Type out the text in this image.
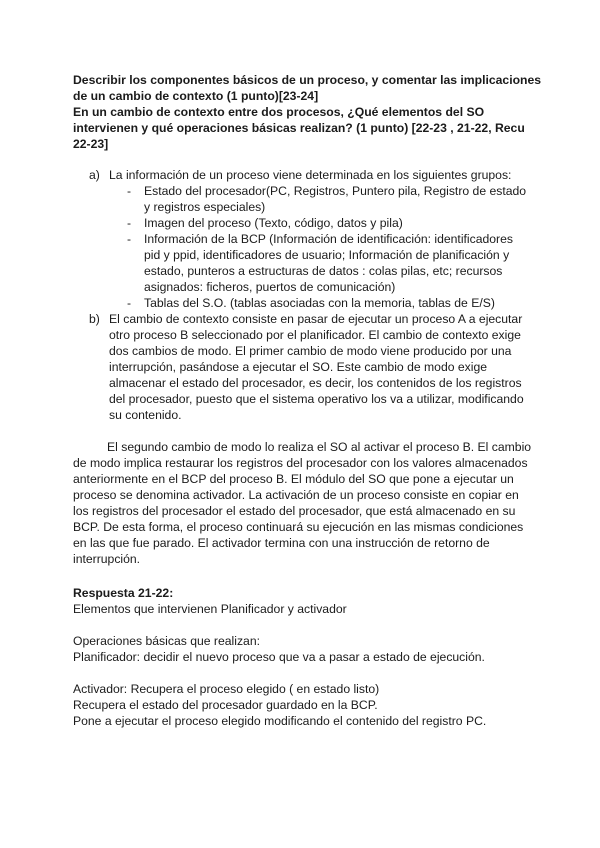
Describir los componentes básicos de un proceso, y comentar las implicaciones de un cambio de contexto (1 punto)[23-24]

En un cambio de contexto entre dos procesos, ¿Qué elementos del SO intervienen y qué operaciones básicas realizan? (1 punto) [22-23 , 21-22, Recu 22-23]

a) La información de un proceso viene determinada en los siguientes grupos:
-	Estado del procesador(PC, Registros, Puntero pila, Registro de estado y registros especiales)
-	Imagen del proceso (Texto, código, datos y pila)
-	Información de la BCP (Información de identificación: identificadores pid y ppid, identificadores de usuario; Información de planificación y estado, punteros a estructuras de datos : colas pilas, etc; recursos asignados: ficheros, puertos de comunicación)
-	Tablas del S.O. (tablas asociadas con la memoria, tablas de E/S)
b) El cambio de contexto consiste en pasar de ejecutar un proceso A a ejecutar otro proceso B seleccionado por el planificador. El cambio de contexto exige dos cambios de modo. El primer cambio de modo viene producido por una interrupción, pasándose a ejecutar el SO. Este cambio de modo exige almacenar el estado del procesador, es decir, los contenidos de los registros del procesador, puesto que el sistema operativo los va a utilizar, modificando su contenido.

El segundo cambio de modo lo realiza el SO al activar el proceso B. El cambio de modo implica restaurar los registros del procesador con los valores almacenados anteriormente en el BCP del proceso B. El módulo del SO que pone a ejecutar un proceso se denomina activador. La activación de un proceso consiste en copiar en los registros del procesador el estado del procesador, que está almacenado en su BCP. De esta forma, el proceso continuará su ejecución en las mismas condiciones en las que fue parado. El activador termina con una instrucción de retorno de interrupción.

Respuesta 21-22:

Elementos que intervienen Planificador y activador

Operaciones básicas que realizan:

Planificador: decidir el nuevo proceso que va a pasar a estado de ejecución.

Activador: Recupera el proceso elegido ( en estado listo)

Recupera el estado del procesador guardado en la BCP.

Pone a ejecutar el proceso elegido modificando el contenido del registro PC.
